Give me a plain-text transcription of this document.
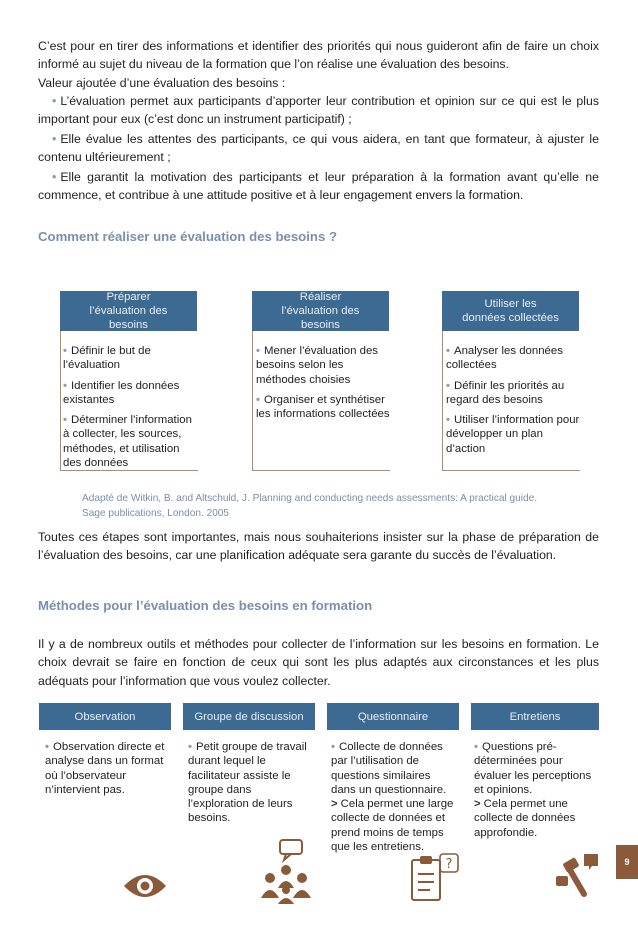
C’est pour en tirer des informations et identifier des priorités qui nous guideront afin de faire un choix informé au sujet du niveau de la formation que l’on réalise une évaluation des besoins.
Valeur ajoutée d’une évaluation des besoins :
• L’évaluation permet aux participants d’apporter leur contribution et opinion sur ce qui est le plus important pour eux (c’est donc un instrument participatif) ;
• Elle évalue les attentes des participants, ce qui vous aidera, en tant que formateur, à ajuster le contenu ultérieurement ;
• Elle garantit la motivation des participants et leur préparation à la formation avant qu’elle ne commence, et contribue à une attitude positive et à leur engagement envers la formation.
Comment réaliser une évaluation des besoins ?
Préparer l’évaluation des besoins
Réaliser l’évaluation des besoins
Utiliser les données collectées
• Définir le but de l’évaluation
• Identifier les données existantes
• Déterminer l’information à collecter, les sources, méthodes, et utilisation des données
• Mener l’évaluation des besoins selon les méthodes choisies
• Organiser et synthétiser les informations collectées
• Analyser les données collectées
• Définir les priorités au regard des besoins
• Utiliser l’information pour développer un plan d’action
Adapté de Witkin, B. and Altschuld, J. Planning and conducting needs assessments: A practical guide. Sage publications, London. 2005
Toutes ces étapes sont importantes, mais nous souhaiterions insister sur la phase de préparation de l’évaluation des besoins, car une planification adéquate sera garante du succès de l’évaluation.
Méthodes pour l’évaluation des besoins en formation
Il y a de nombreux outils et méthodes pour collecter de l’information sur les besoins en formation. Le choix devrait se faire en fonction de ceux qui sont les plus adaptés aux circonstances et les plus adéquats pour l’information que vous voulez collecter.
Observation	Groupe de discussion	Questionnaire	Entretiens
• Observation directe et analyse dans un format où l’observateur n’intervient pas.
• Petit groupe de travail durant lequel le facilitateur assiste le groupe dans l’exploration de leurs besoins.
• Collecte de données par l’utilisation de questions similaires dans un questionnaire.
> Cela permet une large collecte de données et prend moins de temps que les entretiens.
• Questions pré-déterminées pour évaluer les perceptions et opinions.
> Cela permet une collecte de données approfondie.
?	9
